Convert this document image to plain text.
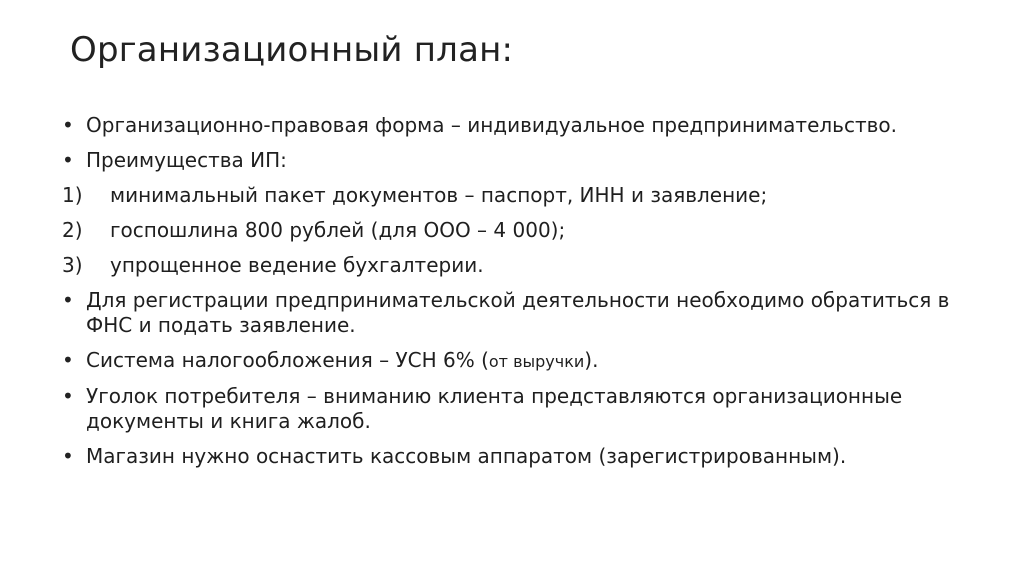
Организационный план:
• Организационно-правовая форма – индивидуальное предпринимательство.
• Преимущества ИП:
1)	минимальный пакет документов – паспорт, ИНН и заявление;
2)	госпошлина 800 рублей (для ООО – 4 000);
3)	упрощенное ведение бухгалтерии.
• Для регистрации предпринимательской деятельности необходимо обратиться в ФНС и подать заявление.
• Система налогообложения – УСН 6% (от выручки).
• Уголок потребителя – вниманию клиента представляются организационные документы и книга жалоб.
• Магазин нужно оснастить кассовым аппаратом (зарегистрированным).
